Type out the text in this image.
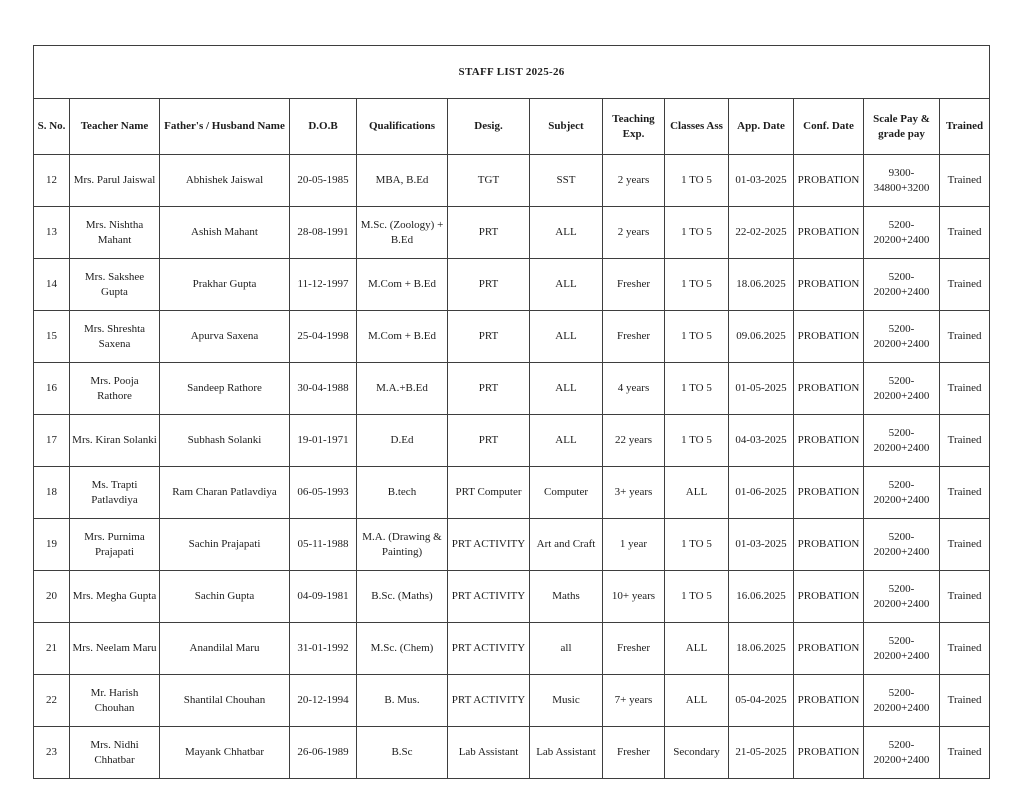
STAFF LIST 2025-26												
S. No.	Teacher Name	Father's / Husband Name	D.O.B	Qualifications	Desig.	Subject	Teaching Exp.	Classes Ass	App. Date	Conf. Date	Scale Pay & grade pay	Trained
12	Mrs. Parul Jaiswal	Abhishek Jaiswal	20-05-1985	MBA, B.Ed	TGT	SST	2 years	1 TO 5	01-03-2025	PROBATION	9300-34800+3200	Trained
13	Mrs. Nishtha Mahant	Ashish Mahant	28-08-1991	M.Sc. (Zoology) + B.Ed	PRT	ALL	2 years	1 TO 5	22-02-2025	PROBATION	5200-20200+2400	Trained
14	Mrs. Sakshee Gupta	Prakhar Gupta	11-12-1997	M.Com + B.Ed	PRT	ALL	Fresher	1 TO 5	18.06.2025	PROBATION	5200-20200+2400	Trained
15	Mrs. Shreshta Saxena	Apurva Saxena	25-04-1998	M.Com + B.Ed	PRT	ALL	Fresher	1 TO 5	09.06.2025	PROBATION	5200-20200+2400	Trained
16	Mrs. Pooja Rathore	Sandeep Rathore	30-04-1988	M.A.+B.Ed	PRT	ALL	4 years	1 TO 5	01-05-2025	PROBATION	5200-20200+2400	Trained
17	Mrs. Kiran Solanki	Subhash Solanki	19-01-1971	D.Ed	PRT	ALL	22 years	1 TO 5	04-03-2025	PROBATION	5200-20200+2400	Trained
18	Ms. Trapti Patlavdiya	Ram Charan Patlavdiya	06-05-1993	B.tech	PRT Computer	Computer	3+ years	ALL	01-06-2025	PROBATION	5200-20200+2400	Trained
19	Mrs. Purnima Prajapati	Sachin Prajapati	05-11-1988	M.A. (Drawing & Painting)	PRT ACTIVITY	Art and Craft	1 year	1 TO 5	01-03-2025	PROBATION	5200-20200+2400	Trained
20	Mrs. Megha Gupta	Sachin Gupta	04-09-1981	B.Sc. (Maths)	PRT ACTIVITY	Maths	10+ years	1 TO 5	16.06.2025	PROBATION	5200-20200+2400	Trained
21	Mrs. Neelam Maru	Anandilal Maru	31-01-1992	M.Sc. (Chem)	PRT ACTIVITY	all	Fresher	ALL	18.06.2025	PROBATION	5200-20200+2400	Trained
22	Mr. Harish Chouhan	Shantilal Chouhan	20-12-1994	B. Mus.	PRT ACTIVITY	Music	7+ years	ALL	05-04-2025	PROBATION	5200-20200+2400	Trained
23	Mrs. Nidhi Chhatbar	Mayank Chhatbar	26-06-1989	B.Sc	Lab Assistant	Lab Assistant	Fresher	Secondary	21-05-2025	PROBATION	5200-20200+2400	Trained
